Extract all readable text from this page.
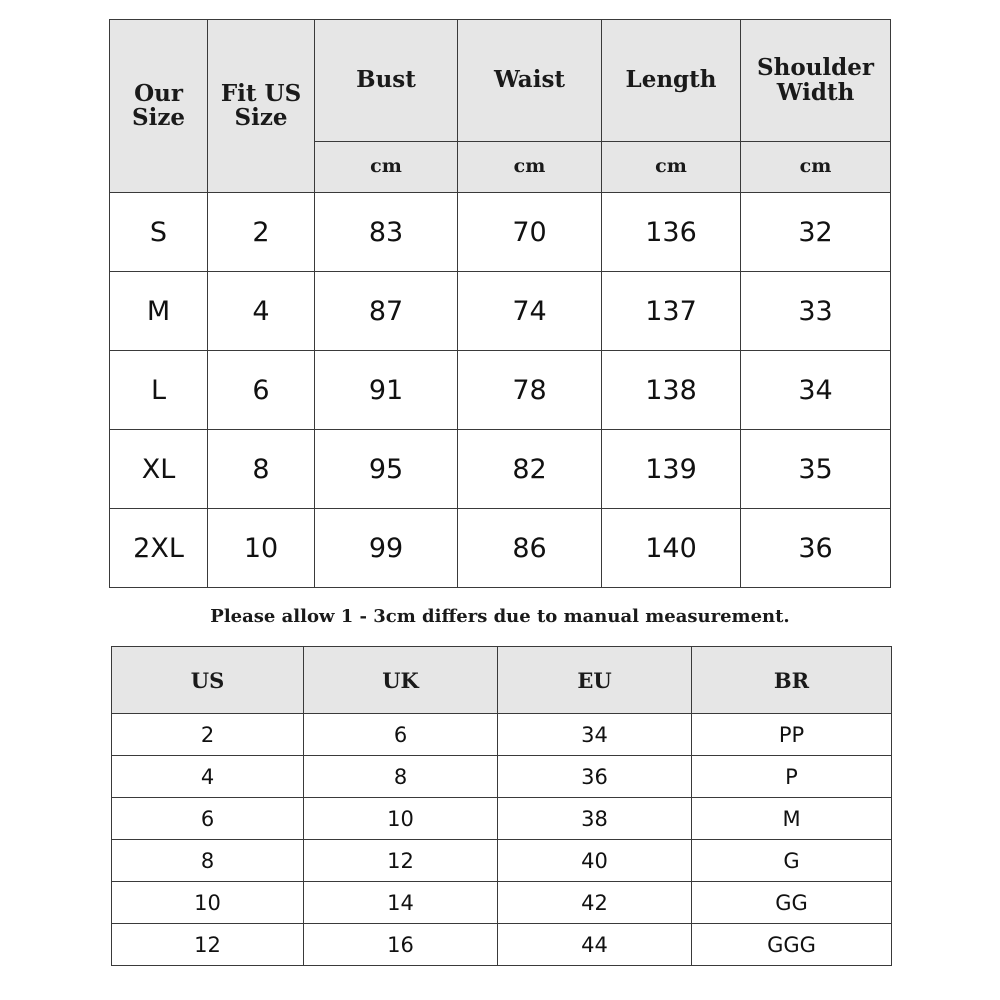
Our Size	Fit US Size	Bust	Waist	Length	Shoulder Width
		cm	cm	cm	cm
S	2	83	70	136	32
M	4	87	74	137	33
L	6	91	78	138	34
XL	8	95	82	139	35
2XL	10	99	86	140	36
Please allow 1 - 3cm differs due to manual measurement.
US	UK	EU	BR
2	6	34	PP
4	8	36	P
6	10	38	M
8	12	40	G
10	14	42	GG
12	16	44	GGG
